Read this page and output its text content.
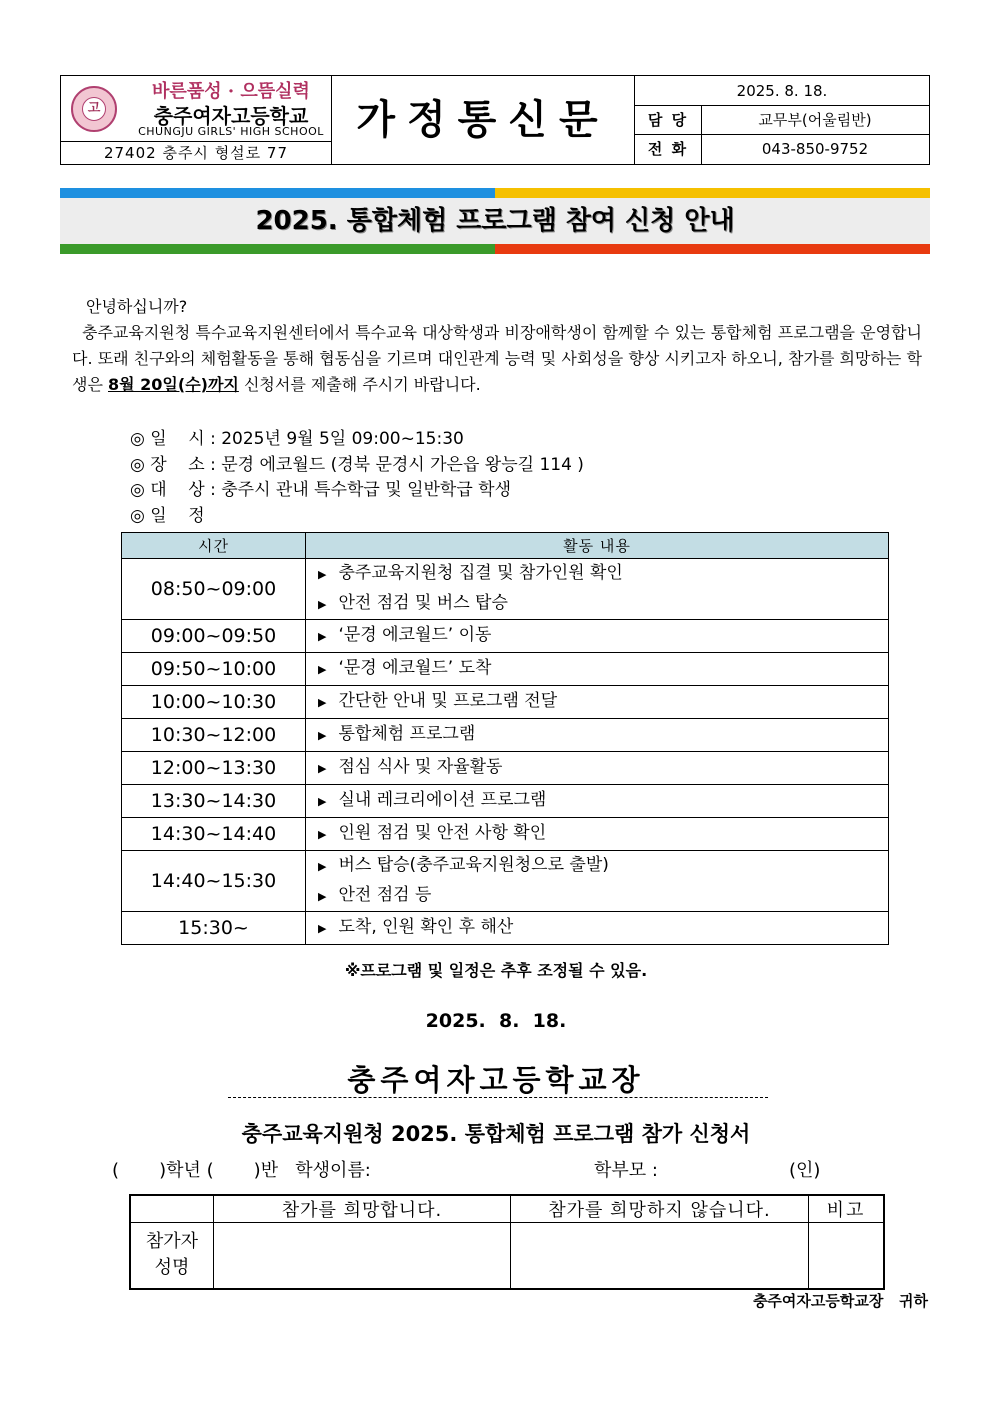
고
바른품성 · 으뜸실력
충주여자고등학교
CHUNGJU GIRLS' HIGH SCHOOL
27402 충주시 형설로 77
가정통신문
2025. 8. 18.
담 당	교무부(어울림반)
전 화	043-850-9752
2025. 통합체험 프로그램 참여 신청 안내
안녕하십니까?
충주교육지원청 특수교육지원센터에서 특수교육 대상학생과 비장애학생이 함께할 수 있는 통합체험 프로그램을 운영합니다. 또래 친구와의 체험활동을 통해 협동심을 기르며 대인관계 능력 및 사회성을 향상 시키고자 하오니, 참가를 희망하는 학생은 8월 20일(수)까지 신청서를 제출해 주시기 바랍니다.
◎ 일    시 : 2025년 9월 5일 09:00~15:30
◎ 장    소 : 문경 에코월드 (경북 문경시 가은읍 왕능길 114 )
◎ 대    상 : 충주시 관내 특수학급 및 일반학급 학생
◎ 일    정
시간	활동 내용
08:50~09:00	▶ 충주교육지원청 집결 및 참가인원 확인
▶ 안전 점검 및 버스 탑승

09:00~09:50	▶ ‘문경 에코월드’ 이동

09:50~10:00	▶ ‘문경 에코월드’ 도착

10:00~10:30	▶ 간단한 안내 및 프로그램 전달

10:30~12:00	▶ 통합체험 프로그램

12:00~13:30	▶ 점심 식사 및 자율활동

13:30~14:30	▶ 실내 레크리에이션 프로그램

14:30~14:40	▶ 인원 점검 및 안전 사항 확인

14:40~15:30	▶ 버스 탑승(충주교육지원청으로 출발)
▶ 안전 점검 등

15:30~	▶ 도착, 인원 확인 후 해산
※프로그램 및 일정은 추후 조정될 수 있음.
2025.  8.  18.
충주여자고등학교장
충주교육지원청 2025. 통합체험 프로그램 참가 신청서
(       )학년 (       )반   학생이름:	학부모 :	(인)
	참가를 희망합니다.	참가를 희망하지 않습니다.	비고

참가자
성명			

충주여자고등학교장   귀하
